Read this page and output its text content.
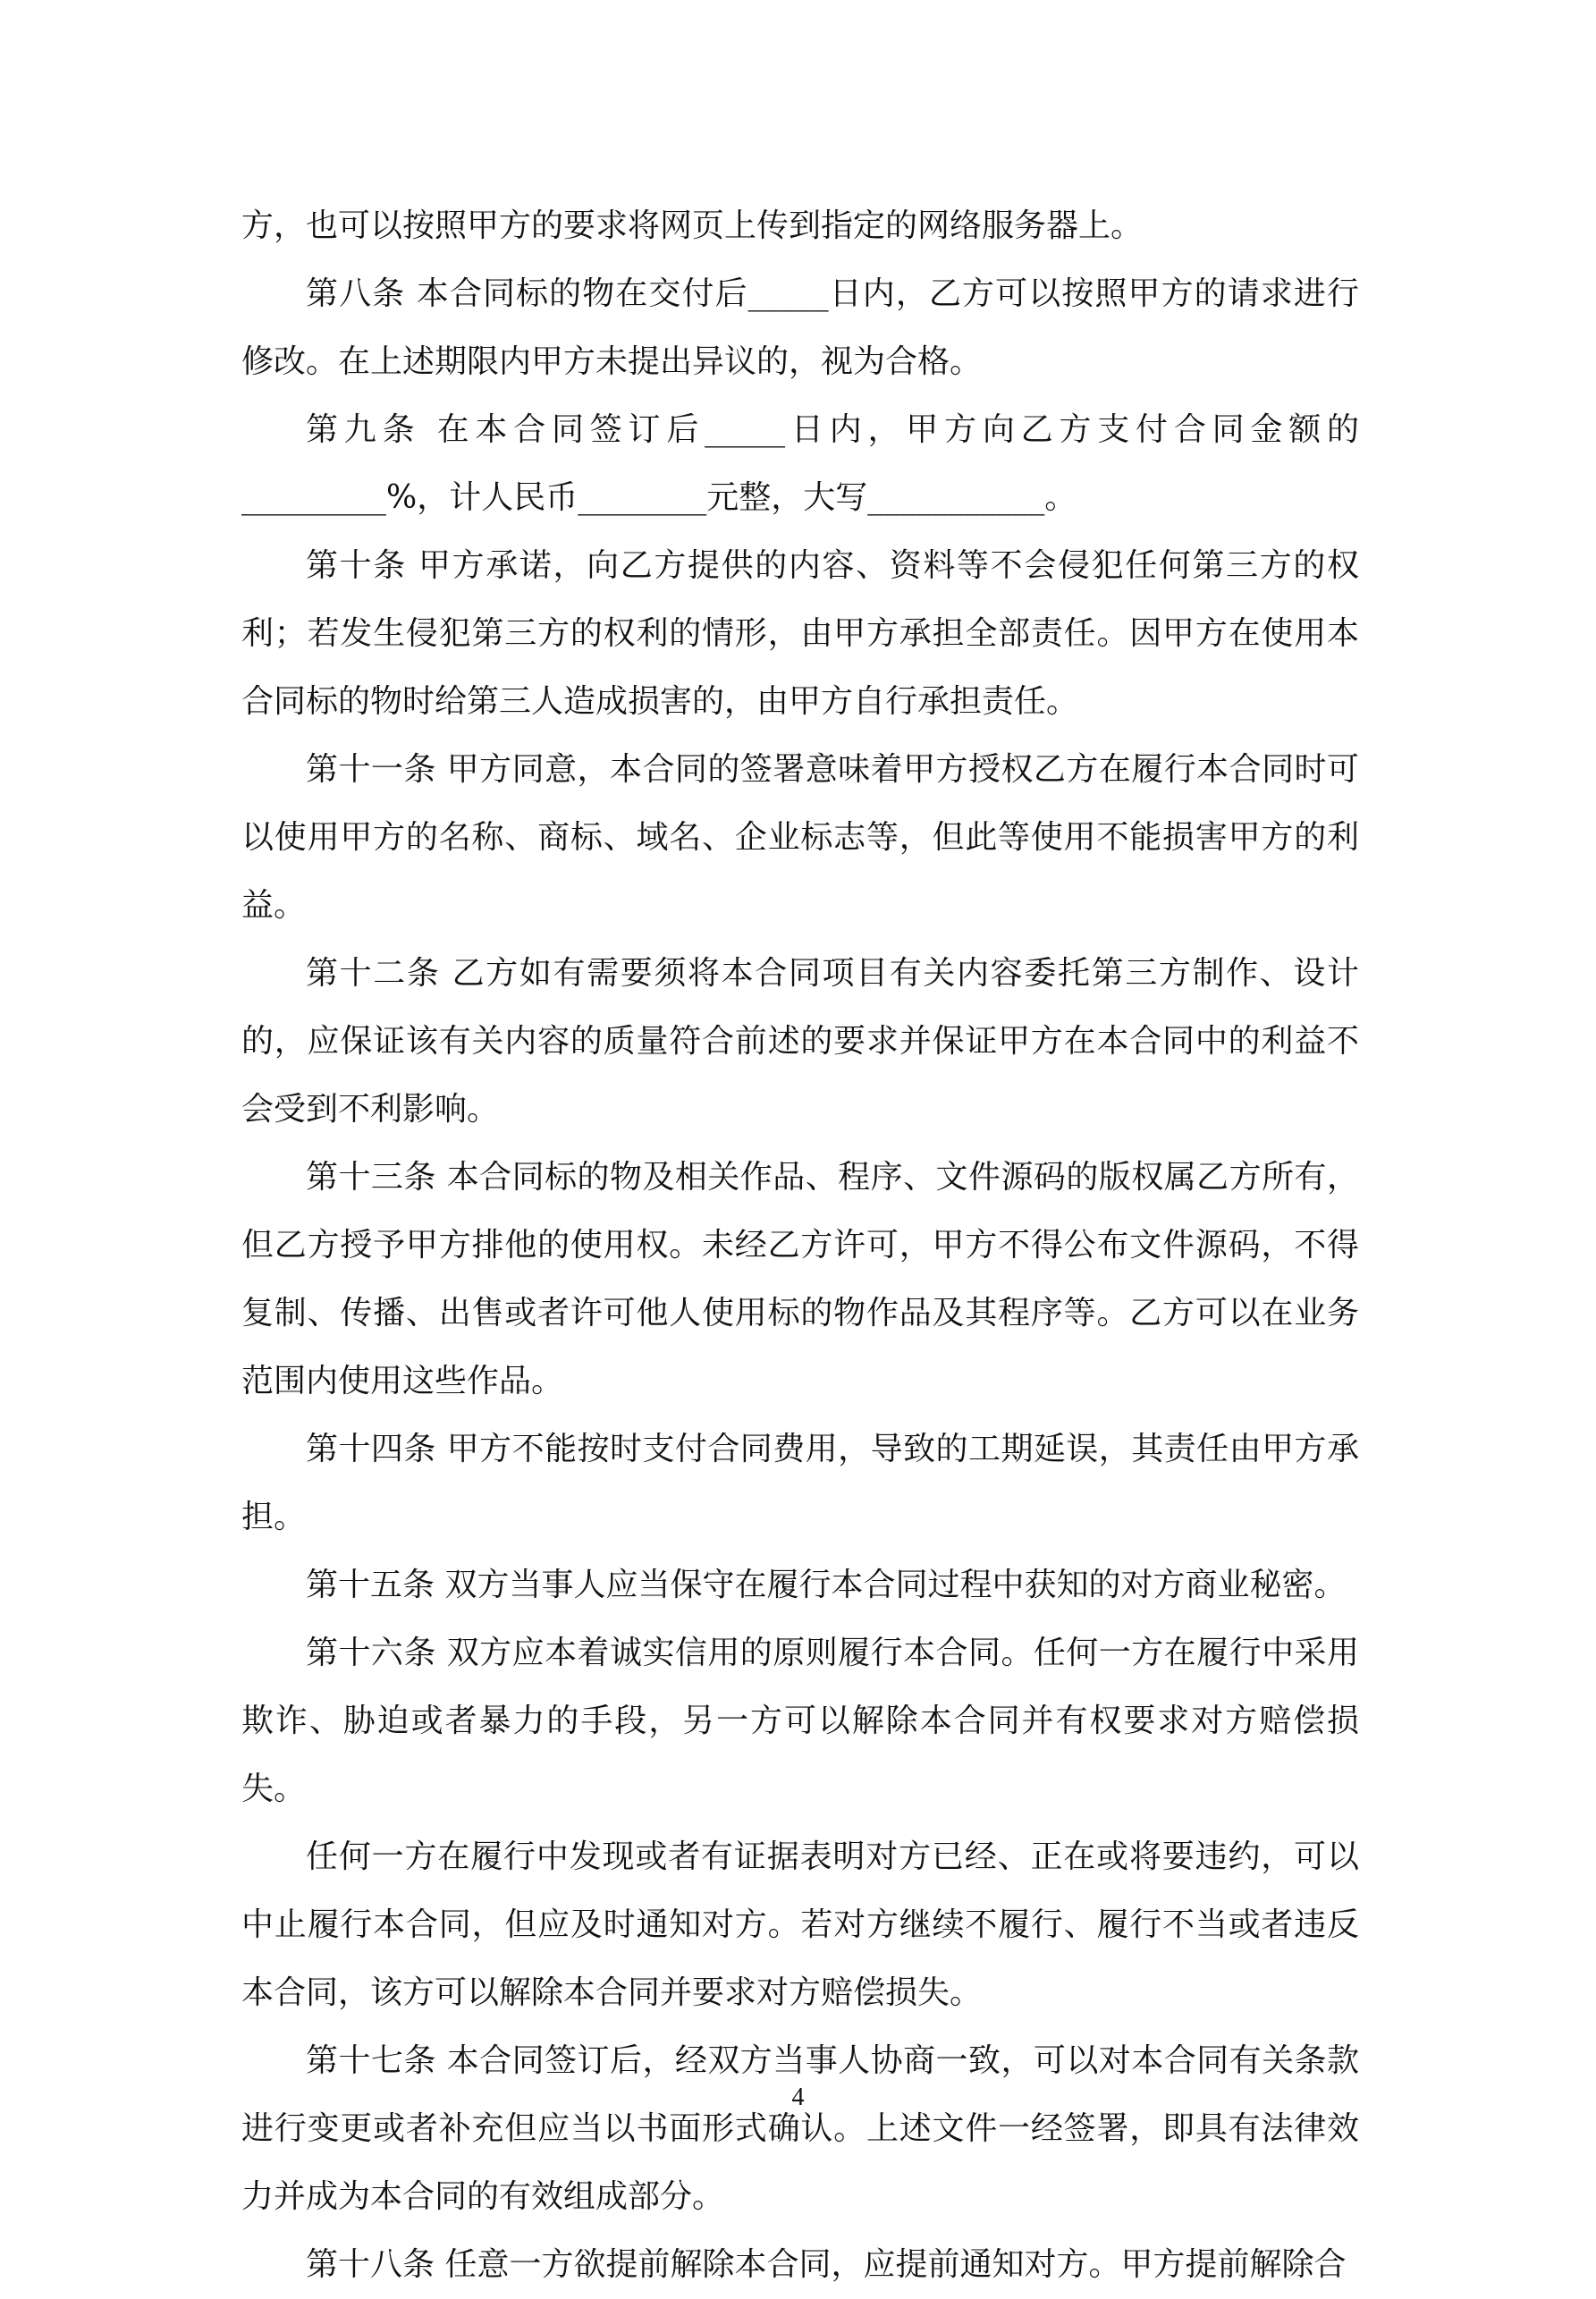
方，也可以按照甲方的要求将网页上传到指定的网络服务器上。

第八条 本合同标的物在交付后_____日内，乙方可以按照甲方的请求进行修改。在上述期限内甲方未提出异议的，视为合格。

第九条 在本合同签订后_____日内，甲方向乙方支付合同金额的_________%，计人民币________元整，大写___________。

第十条 甲方承诺，向乙方提供的内容、资料等不会侵犯任何第三方的权利；若发生侵犯第三方的权利的情形，由甲方承担全部责任。因甲方在使用本合同标的物时给第三人造成损害的，由甲方自行承担责任。

第十一条 甲方同意，本合同的签署意味着甲方授权乙方在履行本合同时可以使用甲方的名称、商标、域名、企业标志等，但此等使用不能损害甲方的利益。

第十二条 乙方如有需要须将本合同项目有关内容委托第三方制作、设计的，应保证该有关内容的质量符合前述的要求并保证甲方在本合同中的利益不会受到不利影响。

第十三条 本合同标的物及相关作品、程序、文件源码的版权属乙方所有，但乙方授予甲方排他的使用权。未经乙方许可，甲方不得公布文件源码，不得复制、传播、出售或者许可他人使用标的物作品及其程序等。乙方可以在业务范围内使用这些作品。

第十四条 甲方不能按时支付合同费用，导致的工期延误，其责任由甲方承担。

第十五条 双方当事人应当保守在履行本合同过程中获知的对方商业秘密。

第十六条 双方应本着诚实信用的原则履行本合同。任何一方在履行中采用欺诈、胁迫或者暴力的手段，另一方可以解除本合同并有权要求对方赔偿损失。

任何一方在履行中发现或者有证据表明对方已经、正在或将要违约，可以中止履行本合同，但应及时通知对方。若对方继续不履行、履行不当或者违反本合同，该方可以解除本合同并要求对方赔偿损失。

第十七条 本合同签订后，经双方当事人协商一致，可以对本合同有关条款进行变更或者补充但应当以书面形式确认。上述文件一经签署，即具有法律效力并成为本合同的有效组成部分。

第十八条 任意一方欲提前解除本合同，应提前通知对方。甲方提前解除合

4
